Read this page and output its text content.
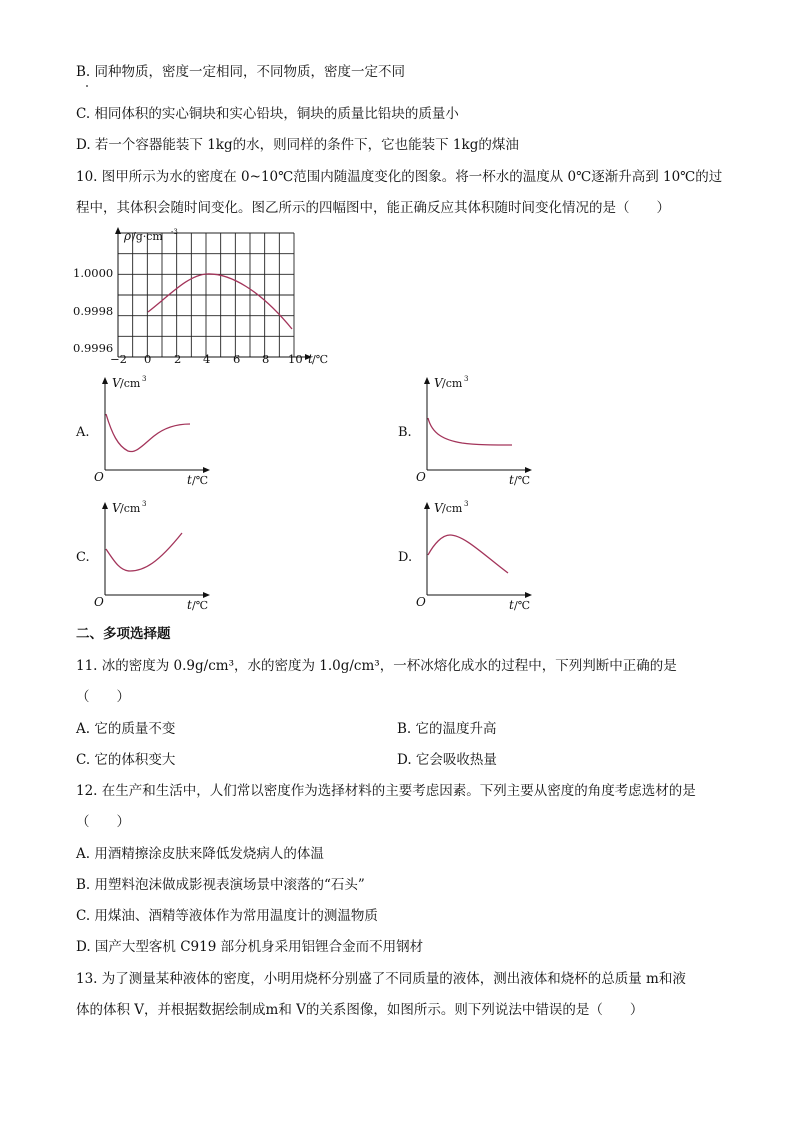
B. 同种物质，密度一定相同，不同物质，密度一定不同
C. 相同体积的实心铜块和实心铅块，铜块的质量比铅块的质量小
D. 若一个容器能装下 1kg的水，则同样的条件下，它也能装下 1kg的煤油
10. 图甲所示为水的密度在 0~10℃范围内随温度变化的图象。将一杯水的温度从 0℃逐渐升高到 10℃的过
程中，其体积会随时间变化。图乙所示的四幅图中，能正确反应其体积随时间变化情况的是（　　）
ρ /g·cm -3
1.0000
0.9998
0.9996
−2 0 2 4 6 8 10 t /℃
A.	B.
C.	D.
V /cm 3
O	t /℃
V /cm 3
O	t /℃
V /cm 3
O	t /℃
V /cm 3
O	t /℃
二、多项选择题
11. 冰的密度为 0.9g/cm³，水的密度为 1.0g/cm³，一杯冰熔化成水的过程中，下列判断中正确的是
（　　）
A. 它的质量不变	B. 它的温度升高
C. 它的体积变大	D. 它会吸收热量
12. 在生产和生活中，人们常以密度作为选择材料的主要考虑因素。下列主要从密度的角度考虑选材的是
（　　）
A. 用酒精擦涂皮肤来降低发烧病人的体温
B. 用塑料泡沫做成影视表演场景中滚落的“石头”
C. 用煤油、酒精等液体作为常用温度计的测温物质
D. 国产大型客机 C919 部分机身采用铝锂合金而不用钢材
13. 为了测量某种液体的密度，小明用烧杯分别盛了不同质量的液体，测出液体和烧杯的总质量 m和液
体的体积 V，并根据数据绘制成m和 V的关系图像，如图所示。则下列说法中错误的是（　　）
